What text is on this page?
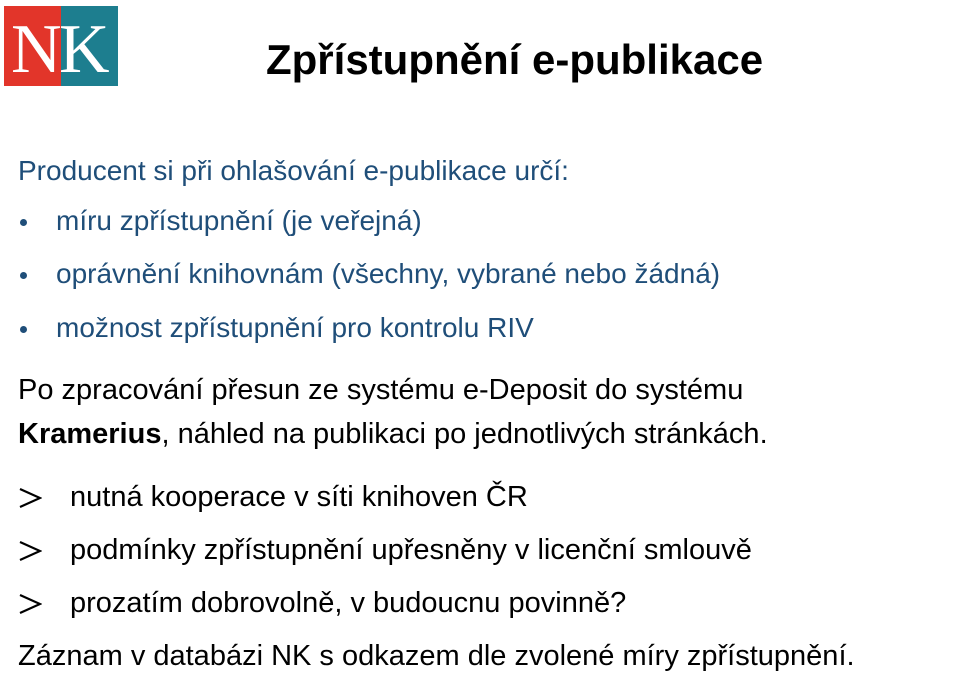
N
K	Zpřístupnění e-publikace
Producent si při ohlašování e-publikace určí:
míru zpřístupnění (je veřejná)
oprávnění knihovnám (všechny, vybrané nebo žádná)
možnost zpřístupnění pro kontrolu RIV
Po zpracování přesun ze systému e-Deposit do systému
Kramerius, náhled na publikaci po jednotlivých stránkách.
nutná kooperace v síti knihoven ČR
podmínky zpřístupnění upřesněny v licenční smlouvě
prozatím dobrovolně, v budoucnu povinně?
Záznam v databázi NK s odkazem dle zvolené míry zpřístupnění.
